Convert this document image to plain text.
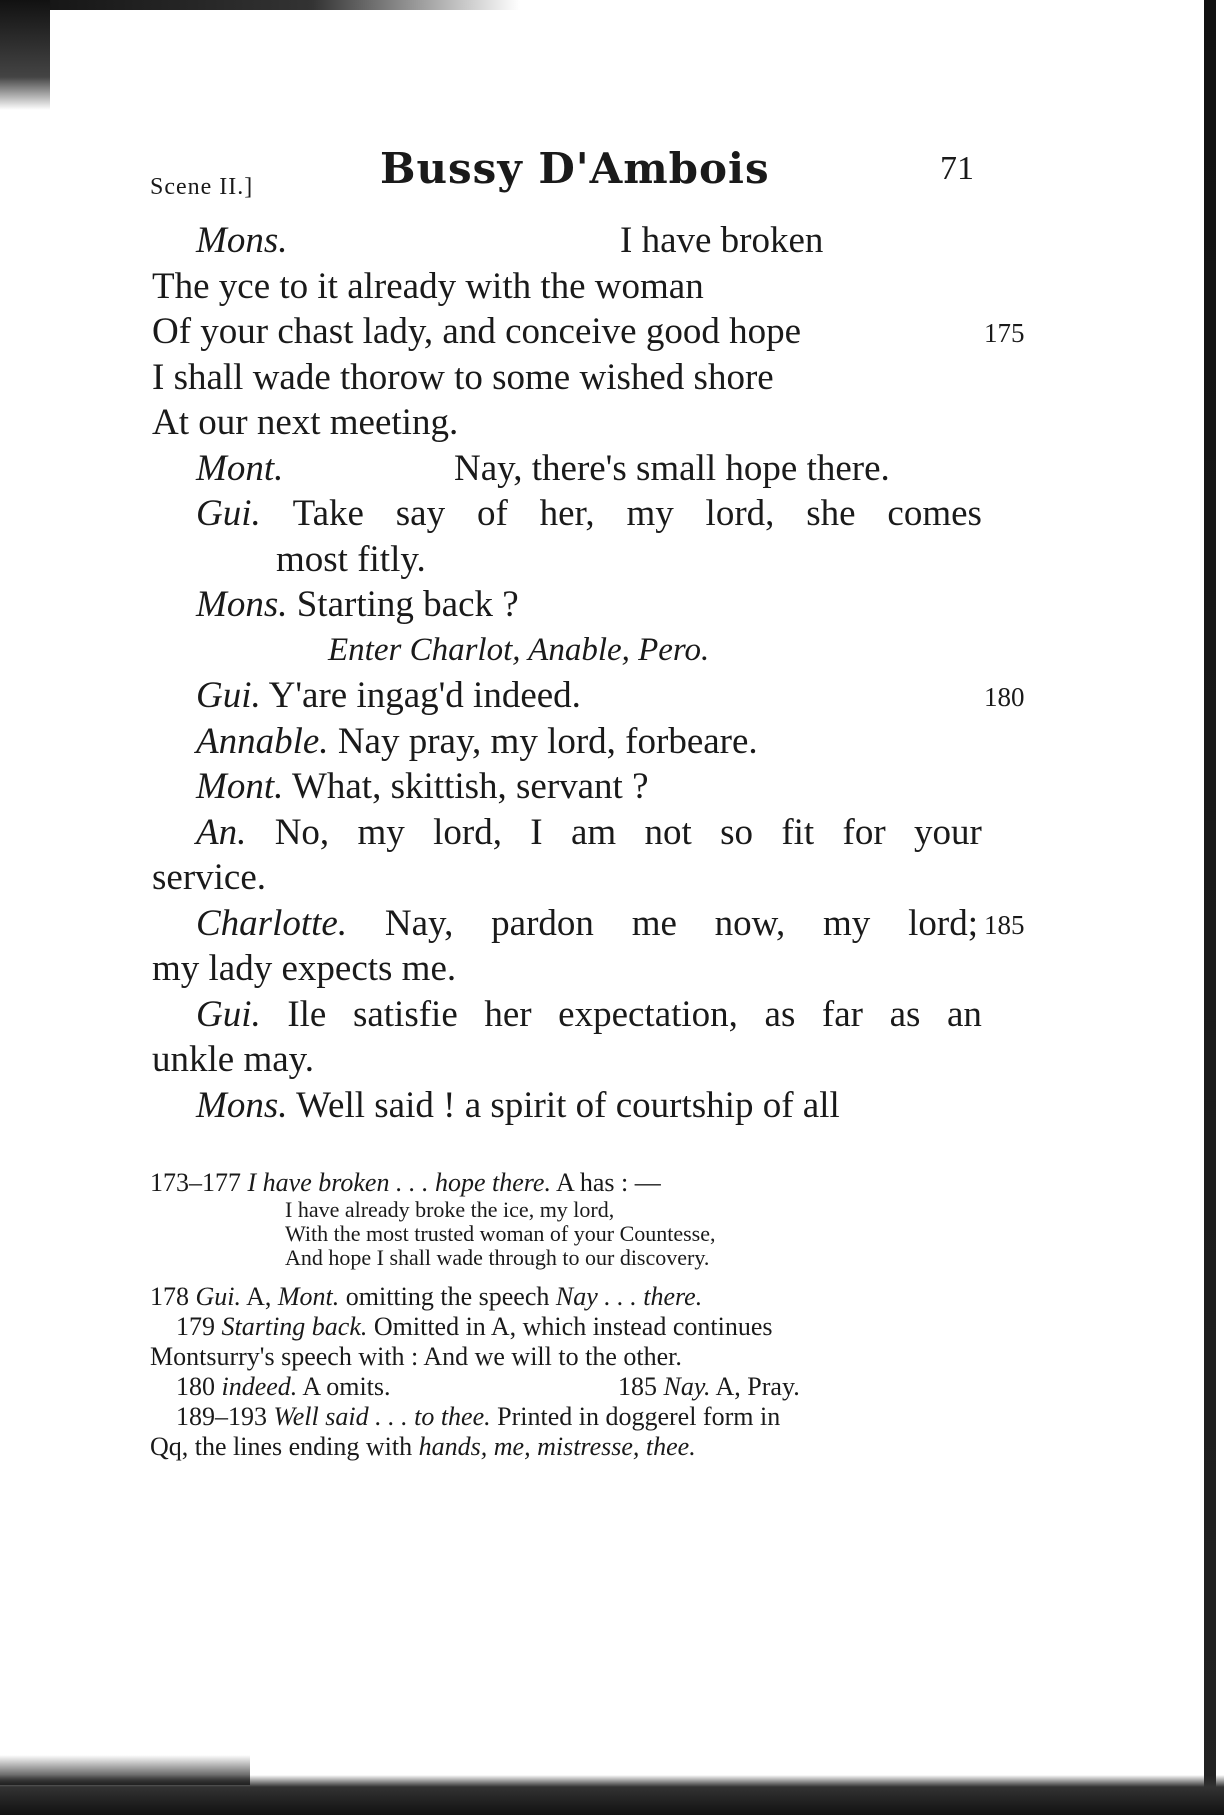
Scene II.]	Bussy D'Ambois	71
Mons.	I have broken
The yce to it already with the woman
Of your chast lady, and conceive good hope	175
I shall wade thorow to some wished shore
At our next meeting.
Mont.	Nay, there's small hope there.
Gui. Take say of her, my lord, she comes
most fitly.
Mons. Starting back ?
Enter Charlot, Anable, Pero.
Gui. Y'are ingag'd indeed.	180
Annable. Nay pray, my lord, forbeare.
Mont. What, skittish, servant ?
An. No, my lord, I am not so fit for your
service.
Charlotte. Nay, pardon me now, my lord; 185
my lady expects me.
Gui. Ile satisfie her expectation, as far as an
unkle may.
Mons. Well said ! a spirit of courtship of all
173–177 I have broken . . . hope there. A has : —
I have already broke the ice, my lord,
With the most trusted woman of your Countesse,
And hope I shall wade through to our discovery.
178 Gui. A, Mont. omitting the speech Nay . . . there.
179 Starting back. Omitted in A, which instead continues
Montsurry's speech with : And we will to the other.
180 indeed. A omits.	185 Nay. A, Pray.
189–193 Well said . . . to thee. Printed in doggerel form in
Qq, the lines ending with hands, me, mistresse, thee.
